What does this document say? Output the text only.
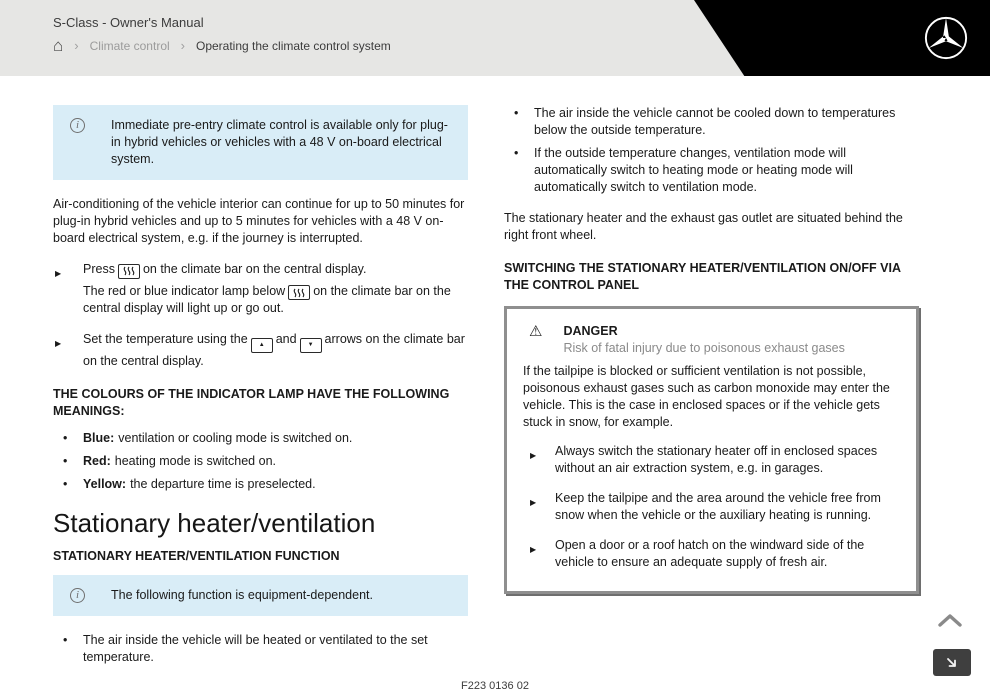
S-Class - Owner's Manual
⌂ › Climate control › Operating the climate control system
i	Immediate pre-entry climate control is available only for plug-in hybrid vehicles or vehicles with a 48 V on-board electrical system.

Air-conditioning of the vehicle interior can continue for up to 50 minutes for plug-in hybrid vehicles and up to 5 minutes for vehicles with a 48 V on-board electrical system, e.g. if the journey is interrupted.

▶ Press on the climate bar on the central display.

The red or blue indicator lamp below on the climate bar on the central display will light up or go out.

▶ Set the temperature using the ▲ and ▼ arrows on the climate bar on the central display.

THE COLOURS OF THE INDICATOR LAMP HAVE THE FOLLOWING MEANINGS:
• Blue: ventilation or cooling mode is switched on.
• Red: heating mode is switched on.
• Yellow: the departure time is preselected.
Stationary heater/ventilation
STATIONARY HEATER/VENTILATION FUNCTION
i	The following function is equipment-dependent.

• The air inside the vehicle will be heated or ventilated to the set temperature.
• The air inside the vehicle cannot be cooled down to temperatures below the outside temperature.
• If the outside temperature changes, ventilation mode will automatically switch to heating mode or heating mode will automatically switch to ventilation mode.

The stationary heater and the exhaust gas outlet are situated behind the right front wheel.

SWITCHING THE STATIONARY HEATER/VENTILATION ON/OFF VIA THE CONTROL PANEL
⚠ DANGER
Risk of fatal injury due to poisonous exhaust gases

If the tailpipe is blocked or sufficient ventilation is not possible, poisonous exhaust gases such as carbon monoxide may enter the vehicle. This is the case in enclosed spaces or if the vehicle gets stuck in snow, for example.

▶ Always switch the stationary heater off in enclosed spaces without an air extraction system, e.g. in garages.

▶ Keep the tailpipe and the area around the vehicle free from snow when the vehicle or the auxiliary heating is running.

▶ Open a door or a roof hatch on the windward side of the vehicle to ensure an adequate supply of fresh air.

F223 0136 02
